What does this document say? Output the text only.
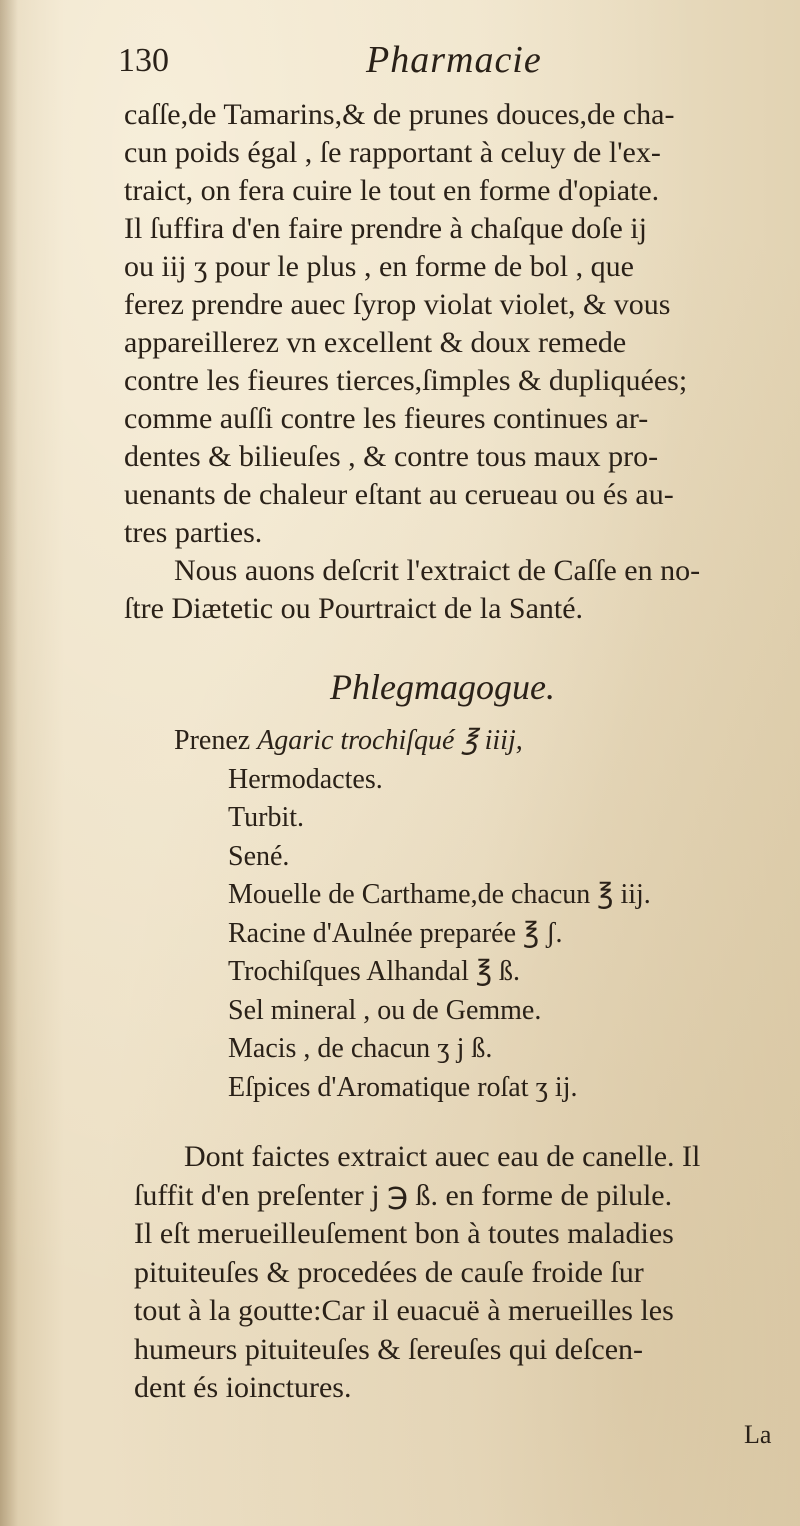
130	Pharmacie
caſſe,de Tamarins,& de prunes douces,de cha-
cun poids égal , ſe rapportant à celuy de l'ex-
traict, on fera cuire le tout en forme d'opiate.
Il ſuffira d'en faire prendre à chaſque doſe ij
ou iij ʒ pour le plus , en forme de bol , que
ferez prendre auec ſyrop violat violet, & vous
appareillerez vn excellent & doux remede
contre les fieures tierces,ſimples & dupliquées;
comme auſſi contre les fieures continues ar-
dentes & bilieuſes , & contre tous maux pro-
uenants de chaleur eſtant au cerueau ou és au-
tres parties.
Nous auons deſcrit l'extraict de Caſſe en no-
ſtre Diætetic ou Pourtraict de la Santé.
Phlegmagogue.
Prenez Agaric trochiſqué ℥ iiij,
Hermodactes.
Turbit.
Sené.
Mouelle de Carthame,de chacun ℥ iij.
Racine d'Aulnée preparée ℥ ʃ.
Trochiſques Alhandal ℥ ß.
Sel mineral , ou de Gemme.
Macis , de chacun ʒ j ß.
Eſpices d'Aromatique roſat ʒ ij.
Dont faictes extraict auec eau de canelle. Il
ſuffit d'en preſenter j ℈ ß. en forme de pilule.
Il eſt merueilleuſement bon à toutes maladies
pituiteuſes & procedées de cauſe froide ſur
tout à la goutte:Car il euacuë à merueilles les
humeurs pituiteuſes & ſereuſes qui deſcen-
dent és ioinctures.
La
